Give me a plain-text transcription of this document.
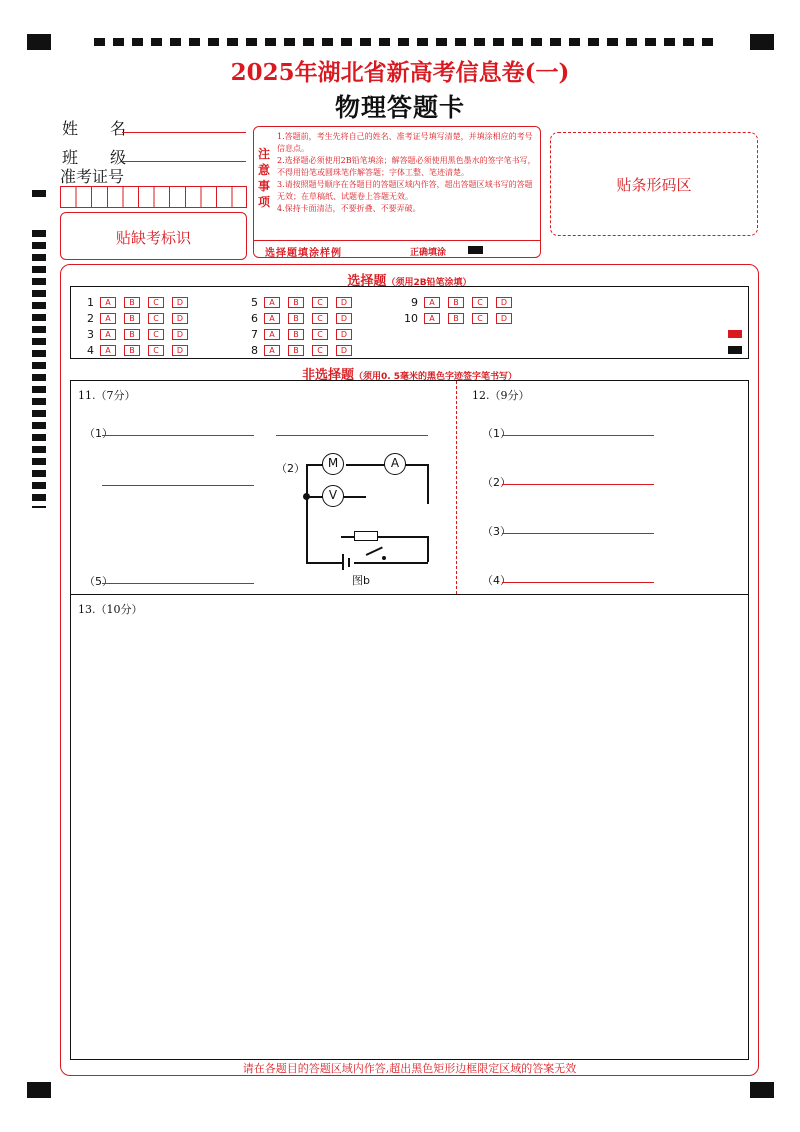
2025年湖北省新高考信息卷(一)
物理答题卡
姓　　名
班　　级
准考证号
贴缺考标识
注意事项
1.答题前，考生先将自己的姓名、准考证号填写清楚，并填涂相应的考号信息点。
2.选择题必须使用2B铅笔填涂；解答题必须使用黑色墨水的签字笔书写，不得用铅笔或圆珠笔作解答题；字体工整、笔迹清楚。
3.请按照题号顺序在各题目的答题区域内作答，超出答题区域书写的答题无效；在草稿纸、试题卷上答题无效。
4.保持卡面清洁，不要折叠、不要弄破。
选择题填涂样例	正确填涂
贴条形码区
选择题（须用2B铅笔涂填）
1 A B C D
2 A B C D
3 A B C D
4 A B C D
5 A B C D
6 A B C D
7 A B C D
8 A B C D
9 A B C D
10 A B C D
非选择题（须用0. 5毫米的黑色字迹签字笔书写）
11.（7分）
（1）
（2）
（5）
M	A
V
图b
12.（9分）
（1）
（2）
（3）
（4）
13.（10分）
请在各题目的答题区域内作答,超出黑色矩形边框限定区域的答案无效
